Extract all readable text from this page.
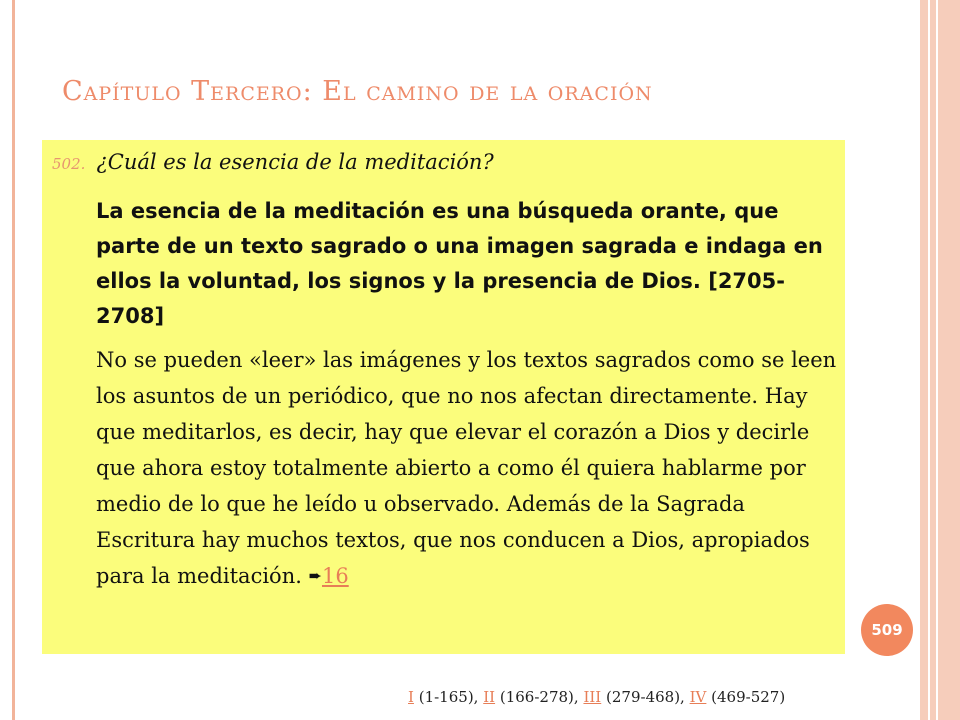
Capítulo Tercero: El camino de la oración
502. ¿Cuál es la esencia de la meditación?
La esencia de la meditación es una búsqueda orante, que parte de un texto sagrado o una imagen sagrada e indaga en ellos la voluntad, los signos y la presencia de Dios. [2705-2708]
No se pueden «leer» las imágenes y los textos sagrados como se leen los asuntos de un periódico, que no nos afectan directamente. Hay que meditarlos, es decir, hay que elevar el corazón a Dios y decirle que ahora estoy totalmente abierto a como él quiera hablarme por medio de lo que he leído u observado. Además de la Sagrada Escritura hay muchos textos, que nos conducen a Dios, apropiados para la meditación. ➨16
509
I (1-165), II (166-278), III (279-468), IV (469-527)
